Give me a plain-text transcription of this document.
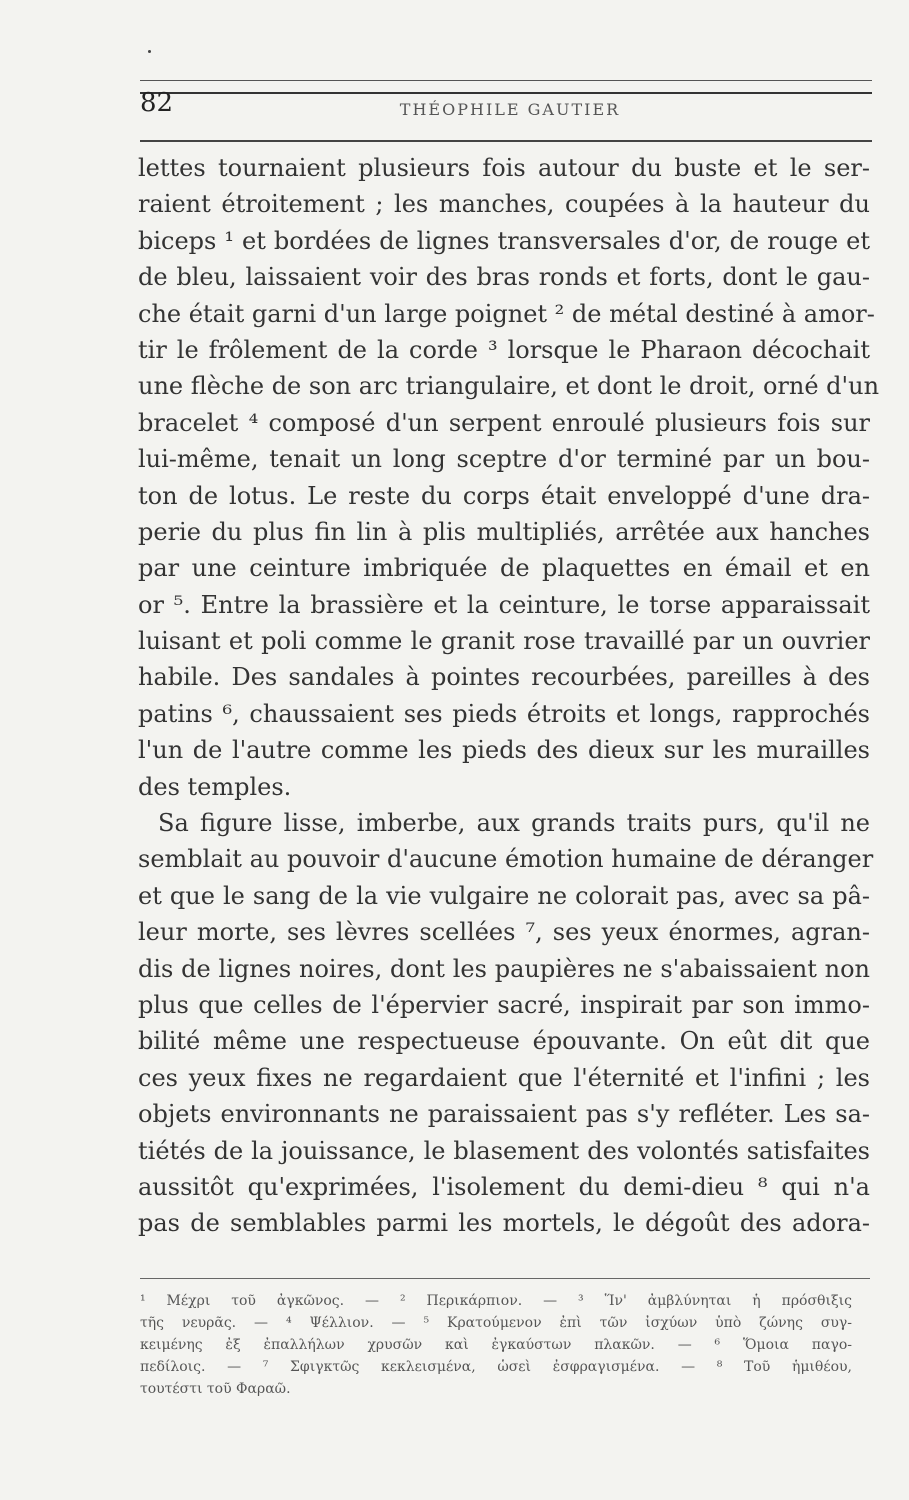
82	THÉOPHILE GAUTIER
lettes tournaient plusieurs fois autour du buste et le ser-
raient étroitement ; les manches, coupées à la hauteur du
biceps ¹ et bordées de lignes transversales d'or, de rouge et
de bleu, laissaient voir des bras ronds et forts, dont le gau-
che était garni d'un large poignet ² de métal destiné à amor-
tir le frôlement de la corde ³ lorsque le Pharaon décochait
une flèche de son arc triangulaire, et dont le droit, orné d'un
bracelet ⁴ composé d'un serpent enroulé plusieurs fois sur
lui-même, tenait un long sceptre d'or terminé par un bou-
ton de lotus. Le reste du corps était enveloppé d'une dra-
perie du plus fin lin à plis multipliés, arrêtée aux hanches
par une ceinture imbriquée de plaquettes en émail et en
or ⁵. Entre la brassière et la ceinture, le torse apparaissait
luisant et poli comme le granit rose travaillé par un ouvrier
habile. Des sandales à pointes recourbées, pareilles à des
patins ⁶, chaussaient ses pieds étroits et longs, rapprochés
l'un de l'autre comme les pieds des dieux sur les murailles
des temples.
Sa figure lisse, imberbe, aux grands traits purs, qu'il ne
semblait au pouvoir d'aucune émotion humaine de déranger
et que le sang de la vie vulgaire ne colorait pas, avec sa pâ-
leur morte, ses lèvres scellées ⁷, ses yeux énormes, agran-
dis de lignes noires, dont les paupières ne s'abaissaient non
plus que celles de l'épervier sacré, inspirait par son immo-
bilité même une respectueuse épouvante. On eût dit que
ces yeux fixes ne regardaient que l'éternité et l'infini ; les
objets environnants ne paraissaient pas s'y refléter. Les sa-
tiétés de la jouissance, le blasement des volontés satisfaites
aussitôt qu'exprimées, l'isolement du demi-dieu ⁸ qui n'a
pas de semblables parmi les mortels, le dégoût des adora-
¹ Μέχρι τοῦ ἀγκῶνος. — ² Περικάρπιον. — ³ Ἵν' ἀμβλύνηται ἡ πρόσθιξις
τῆς νευρᾶς. — ⁴ Ψέλλιον. — ⁵ Κρατούμενον ἐπὶ τῶν ἰσχύων ὑπὸ ζώνης συγ-
κειμένης ἐξ ἐπαλλήλων χρυσῶν καὶ ἐγκαύστων πλακῶν. — ⁶ Ὅμοια παγο-
πεδίλοις. — ⁷ Σφιγκτῶς κεκλεισμένα, ὡσεὶ ἐσφραγισμένα. — ⁸ Τοῦ ἡμιθέου,
τουτέστι τοῦ Φαραῶ.
